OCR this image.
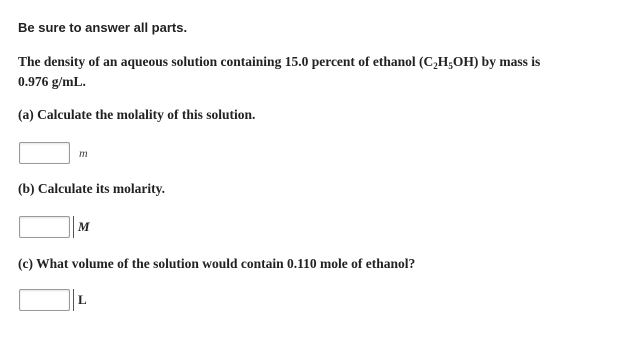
Be sure to answer all parts.
The density of an aqueous solution containing 15.0 percent of ethanol $(C_2H_5OH)$ by mass is
0.976 g/mL.
(a) Calculate the molality of this solution.
m
(b) Calculate its molarity.
M
(c) What volume of the solution would contain 0.110 mole of ethanol?
L
